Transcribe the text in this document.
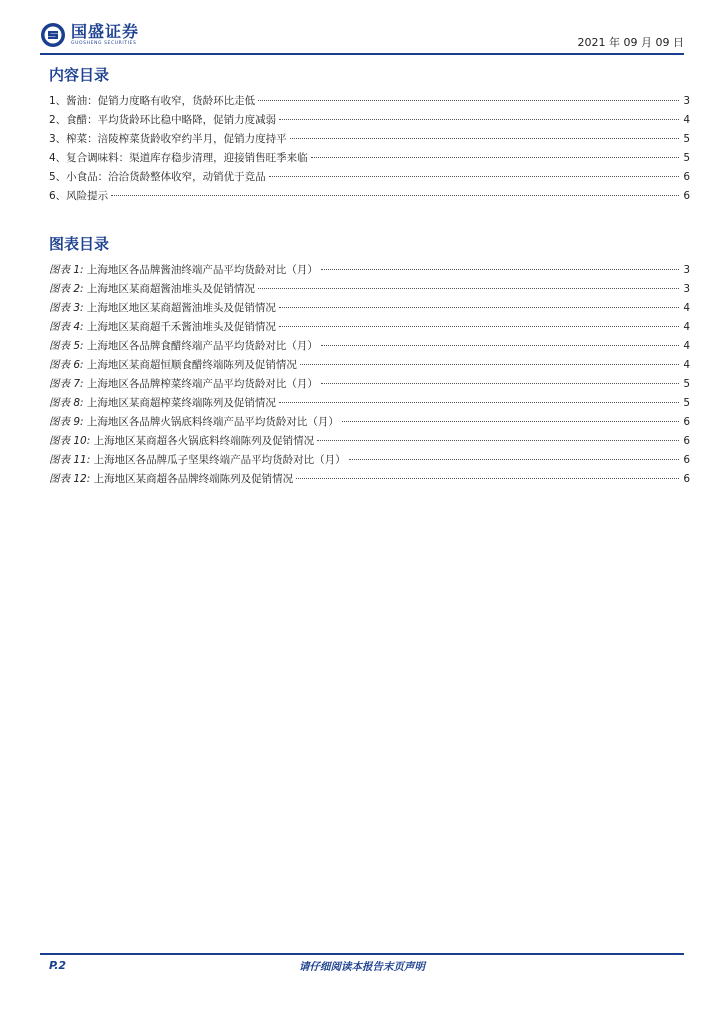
国盛证券
GUOSHENG SECURITIES	2021 年 09 月 09 日
内容目录
1、酱油：促销力度略有收窄，货龄环比走低	3
2、食醋：平均货龄环比稳中略降，促销力度减弱	4
3、榨菜：涪陵榨菜货龄收窄约半月，促销力度持平	5
4、复合调味料：渠道库存稳步清理，迎接销售旺季来临	5
5、小食品：洽洽货龄整体收窄，动销优于竞品	6
6、风险提示	6
图表目录
图表 1: 上海地区各品牌酱油终端产品平均货龄对比（月）	3
图表 2: 上海地区某商超酱油堆头及促销情况	3
图表 3: 上海地区地区某商超酱油堆头及促销情况	4
图表 4: 上海地区某商超千禾酱油堆头及促销情况	4
图表 5: 上海地区各品牌食醋终端产品平均货龄对比（月）	4
图表 6: 上海地区某商超恒顺食醋终端陈列及促销情况	4
图表 7: 上海地区各品牌榨菜终端产品平均货龄对比（月）	5
图表 8: 上海地区某商超榨菜终端陈列及促销情况	5
图表 9: 上海地区各品牌火锅底料终端产品平均货龄对比（月）	6
图表 10: 上海地区某商超各火锅底料终端陈列及促销情况	6
图表 11: 上海地区各品牌瓜子坚果终端产品平均货龄对比（月）	6
图表 12: 上海地区某商超各品牌终端陈列及促销情况	6
P.2	请仔细阅读本报告末页声明
